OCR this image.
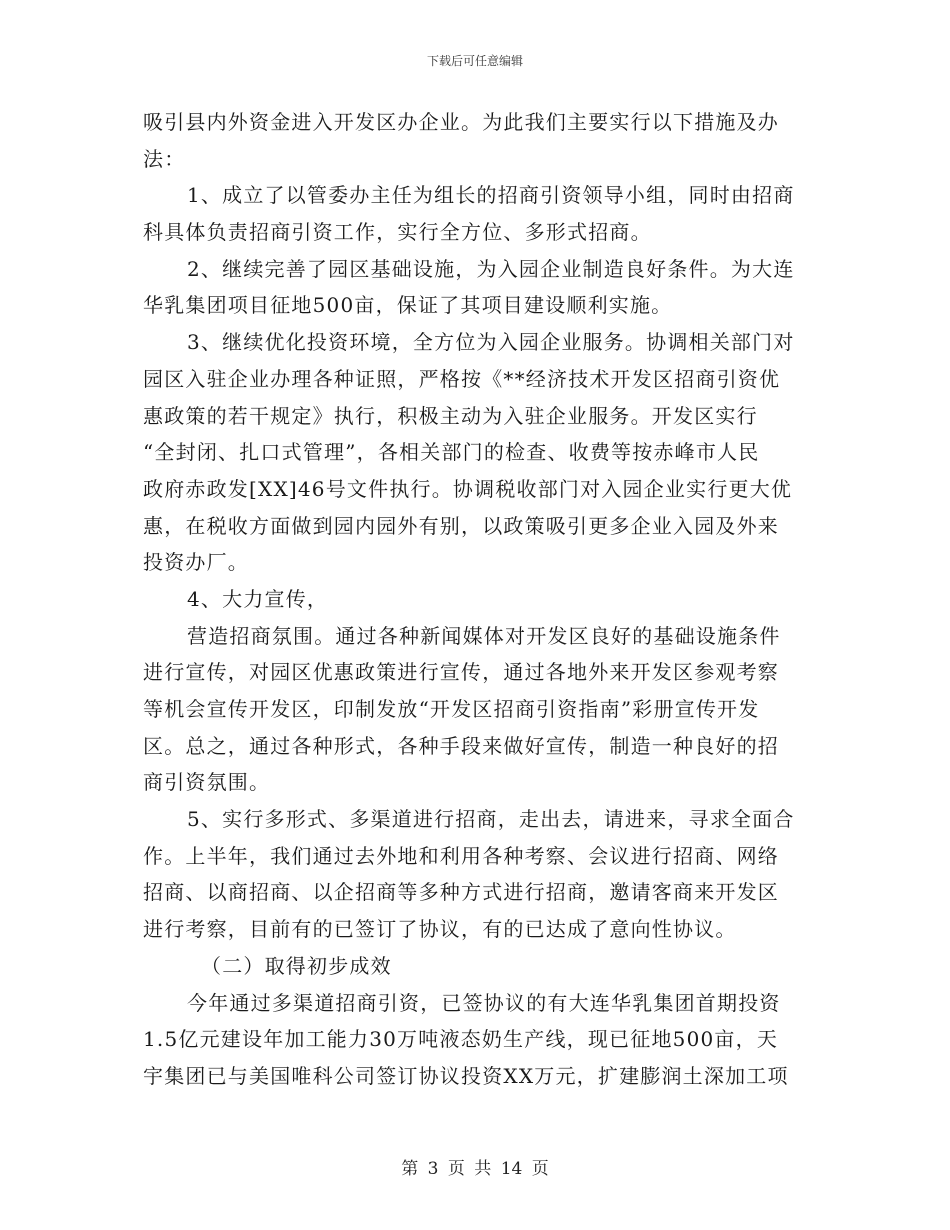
下载后可任意编辑
吸引县内外资金进入开发区办企业。为此我们主要实行以下措施及办
法：
1、成立了以管委办主任为组长的招商引资领导小组，同时由招商
科具体负责招商引资工作，实行全方位、多形式招商。
2、继续完善了园区基础设施，为入园企业制造良好条件。为大连
华乳集团项目征地500亩，保证了其项目建设顺利实施。
3、继续优化投资环境，全方位为入园企业服务。协调相关部门对
园区入驻企业办理各种证照，严格按《**经济技术开发区招商引资优
惠政策的若干规定》执行，积极主动为入驻企业服务。开发区实行
“全封闭、扎口式管理”，各相关部门的检查、收费等按赤峰市人民
政府赤政发[XX]46号文件执行。协调税收部门对入园企业实行更大优
惠，在税收方面做到园内园外有别，以政策吸引更多企业入园及外来
投资办厂。
4、大力宣传，
营造招商氛围。通过各种新闻媒体对开发区良好的基础设施条件
进行宣传，对园区优惠政策进行宣传，通过各地外来开发区参观考察
等机会宣传开发区，印制发放“开发区招商引资指南”彩册宣传开发
区。总之，通过各种形式，各种手段来做好宣传，制造一种良好的招
商引资氛围。
5、实行多形式、多渠道进行招商，走出去，请进来，寻求全面合
作。上半年，我们通过去外地和利用各种考察、会议进行招商、网络
招商、以商招商、以企招商等多种方式进行招商，邀请客商来开发区
进行考察，目前有的已签订了协议，有的已达成了意向性协议。
（二）取得初步成效
今年通过多渠道招商引资，已签协议的有大连华乳集团首期投资
1.5亿元建设年加工能力30万吨液态奶生产线，现已征地500亩，天
宇集团已与美国唯科公司签订协议投资XX万元，扩建膨润土深加工项
第 3 页 共 14 页
